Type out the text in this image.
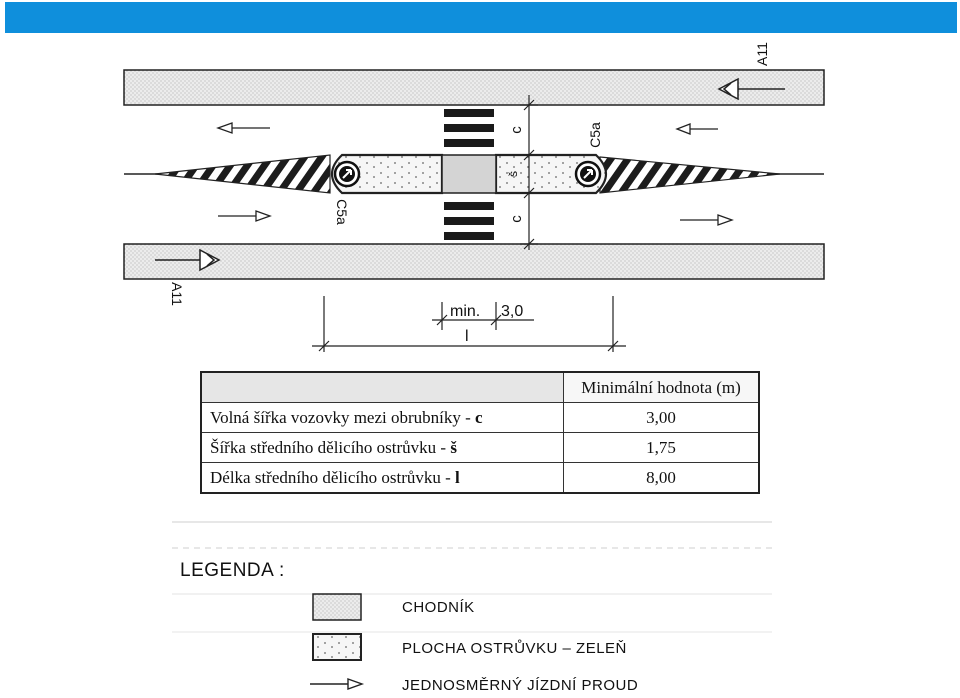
C5a
C5a
c
š
c
A11
A11
min. 3,0
l
	Minimální hodnota (m)
Volná šířka vozovky mezi obrubníky - c	3,00
Šířka středního dělicího ostrůvku - š	1,75
Délka středního dělicího ostrůvku - l	8,00
LEGENDA :
CHODNÍK
PLOCHA OSTRŮVKU – ZELEŇ
JEDNOSMĚRNÝ JÍZDNÍ PROUD
